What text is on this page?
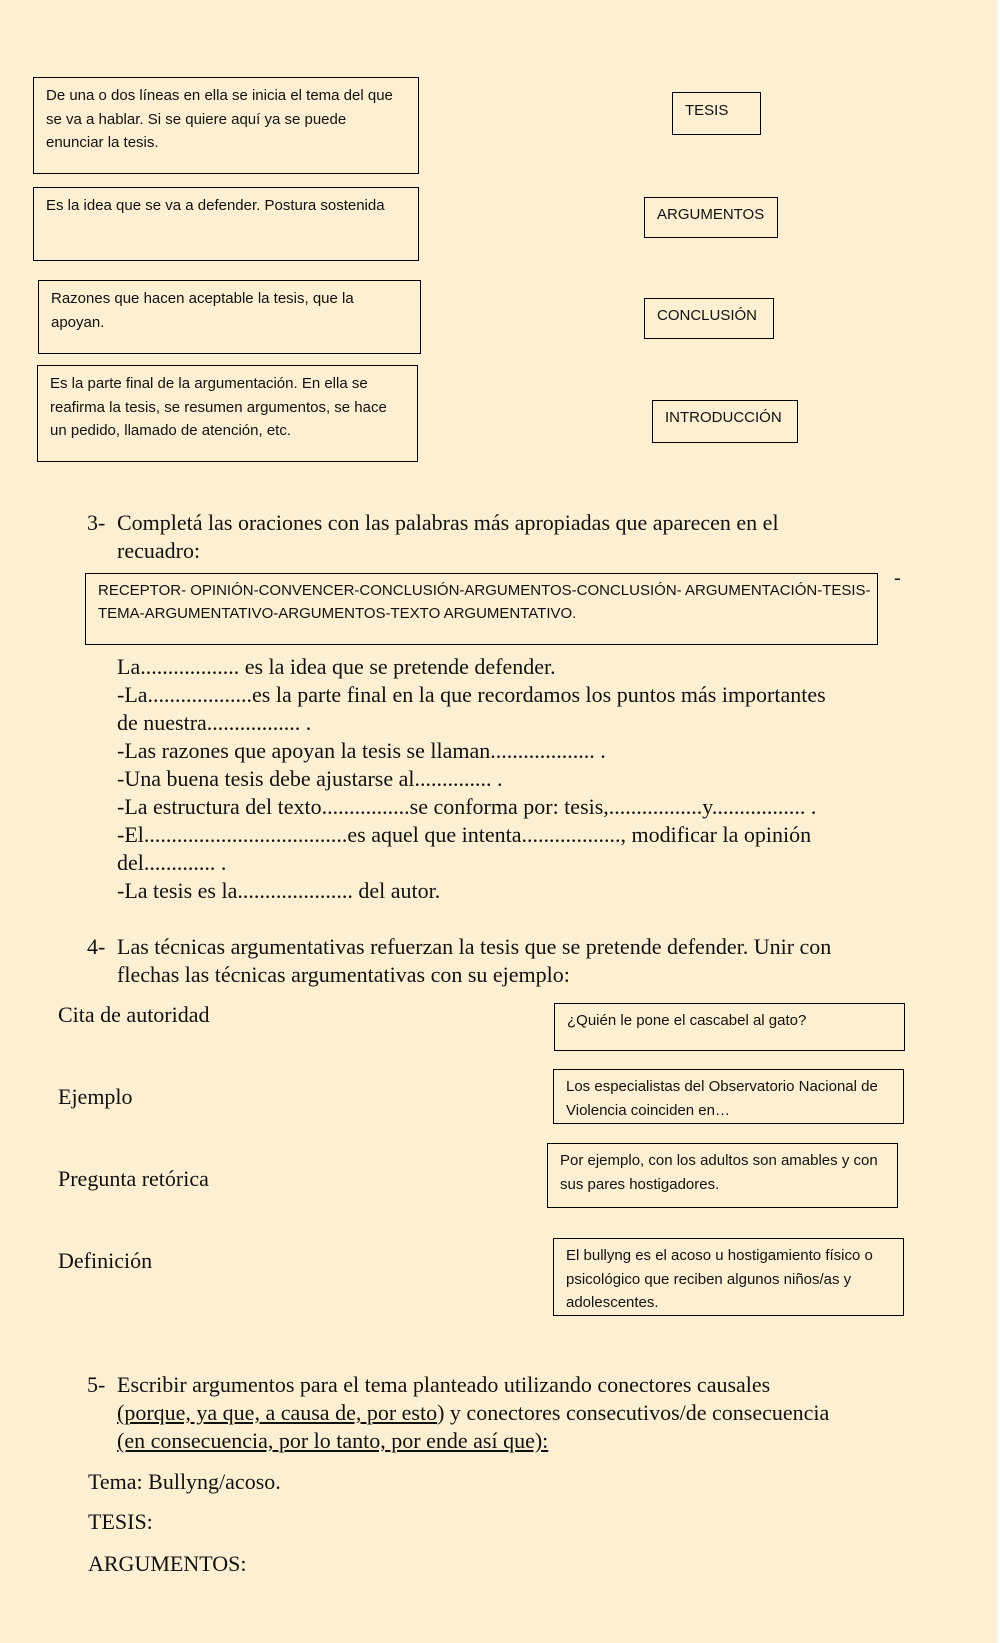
De una o dos líneas en ella se inicia el tema del que se va a hablar. Si se quiere aquí ya se puede enunciar la tesis.
Es la idea que se va a defender. Postura sostenida
Razones que hacen aceptable la tesis, que la apoyan.
Es la parte final de la argumentación. En ella se reafirma la tesis, se resumen argumentos, se hace un pedido, llamado de atención, etc.
TESIS
ARGUMENTOS
CONCLUSIÓN
INTRODUCCIÓN
3- Completá las oraciones con las palabras más apropiadas que aparecen en el
recuadro:
RECEPTOR- OPINIÓN-CONVENCER-CONCLUSIÓN-ARGUMENTOS-CONCLUSIÓN- ARGUMENTACIÓN-TESIS-
TEMA-ARGUMENTATIVO-ARGUMENTOS-TEXTO ARGUMENTATIVO.
-
La.................. es la idea que se pretende defender.
-La...................es la parte final en la que recordamos los puntos más importantes
de nuestra................. .
-Las razones que apoyan la tesis se llaman................... .
-Una buena tesis debe ajustarse al.............. .
-La estructura del texto................se conforma por: tesis,.................y................. .
-El.....................................es aquel que intenta.................., modificar la opinión
del............. .
-La tesis es la..................... del autor.
4- Las técnicas argumentativas refuerzan la tesis que se pretende defender. Unir con
flechas las técnicas argumentativas con su ejemplo:
Cita de autoridad
Ejemplo
Pregunta retórica
Definición
¿Quién le pone el cascabel al gato?
Los especialistas del Observatorio Nacional de Violencia coinciden en…
Por ejemplo, con los adultos son amables y con sus pares hostigadores.
El bullyng es el acoso u hostigamiento físico o psicológico que reciben algunos niños/as y adolescentes.
5- Escribir argumentos para el tema planteado utilizando conectores causales
(porque, ya que, a causa de, por esto) y conectores consecutivos/de consecuencia
(en consecuencia, por lo tanto, por ende así que):
Tema: Bullyng/acoso.
TESIS:
ARGUMENTOS:
